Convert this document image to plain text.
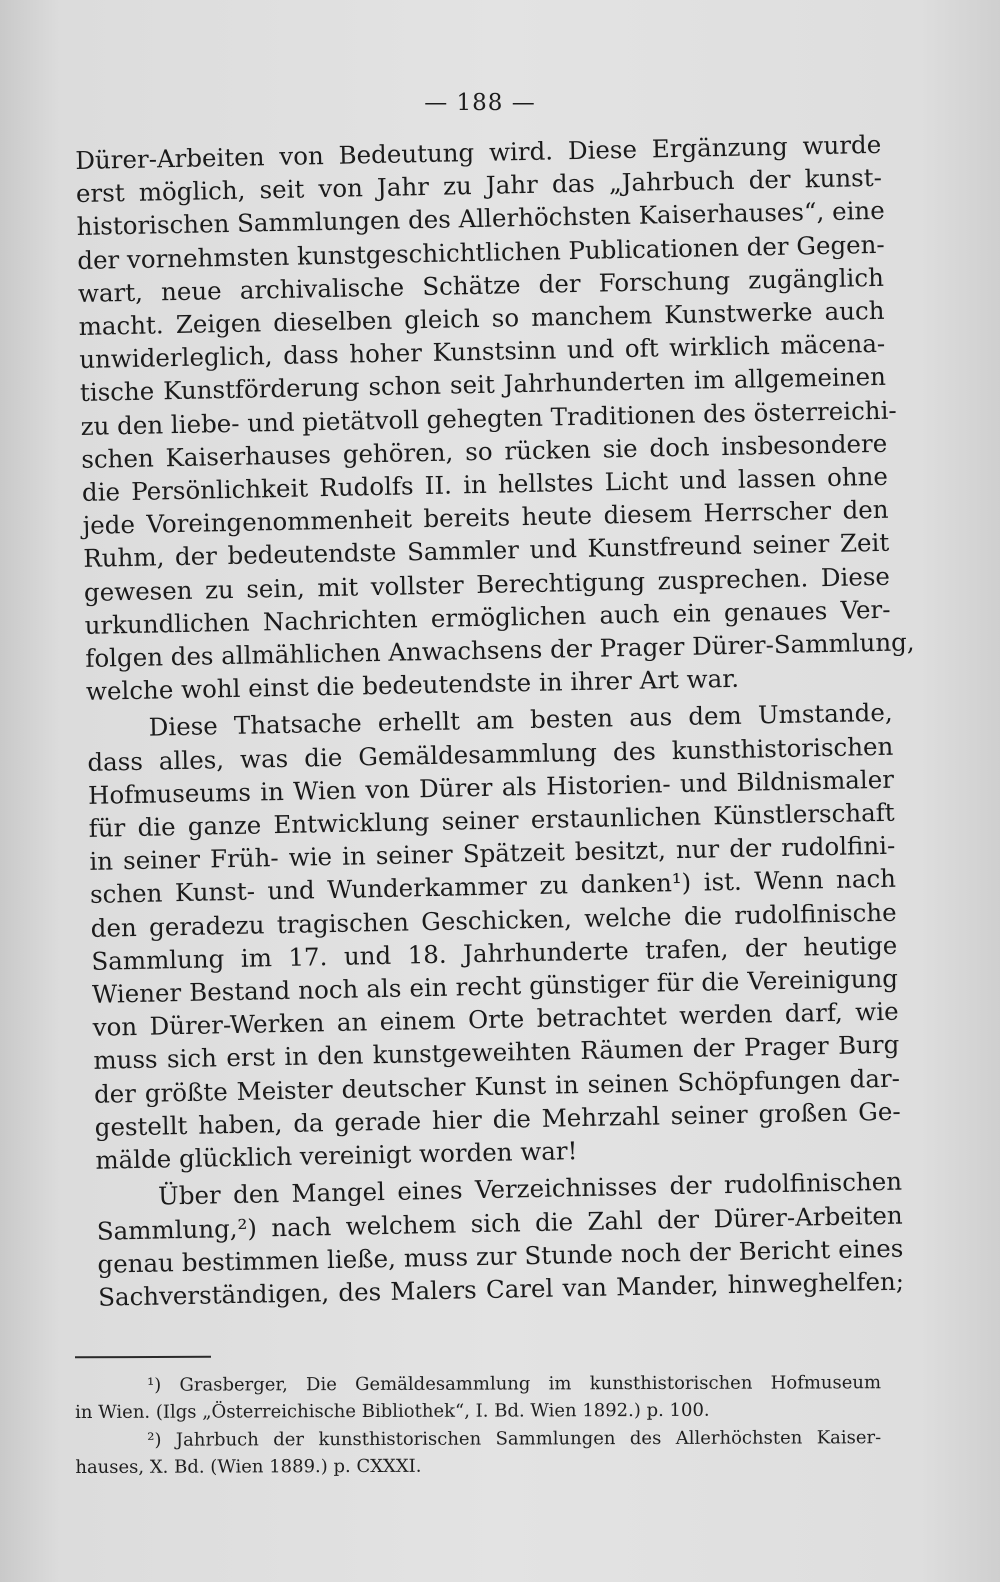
— 188 —
Dürer-Arbeiten von Bedeutung wird. Diese Ergänzung wurde
erst möglich, seit von Jahr zu Jahr das „Jahrbuch der kunst-
historischen Sammlungen des Allerhöchsten Kaiserhauses“, eine
der vornehmsten kunstgeschichtlichen Publicationen der Gegen-
wart, neue archivalische Schätze der Forschung zugänglich
macht. Zeigen dieselben gleich so manchem Kunstwerke auch
unwiderleglich, dass hoher Kunstsinn und oft wirklich mäcena-
tische Kunstförderung schon seit Jahrhunderten im allgemeinen
zu den liebe- und pietätvoll gehegten Traditionen des österreichi-
schen Kaiserhauses gehören, so rücken sie doch insbesondere
die Persönlichkeit Rudolfs II. in hellstes Licht und lassen ohne
jede Voreingenommenheit bereits heute diesem Herrscher den
Ruhm, der bedeutendste Sammler und Kunstfreund seiner Zeit
gewesen zu sein, mit vollster Berechtigung zusprechen. Diese
urkundlichen Nachrichten ermöglichen auch ein genaues Ver-
folgen des allmählichen Anwachsens der Prager Dürer-Sammlung,
welche wohl einst die bedeutendste in ihrer Art war.
Diese Thatsache erhellt am besten aus dem Umstande,
dass alles, was die Gemäldesammlung des kunsthistorischen
Hofmuseums in Wien von Dürer als Historien- und Bildnismaler
für die ganze Entwicklung seiner erstaunlichen Künstlerschaft
in seiner Früh- wie in seiner Spätzeit besitzt, nur der rudolfini-
schen Kunst- und Wunderkammer zu danken¹) ist. Wenn nach
den geradezu tragischen Geschicken, welche die rudolfinische
Sammlung im 17. und 18. Jahrhunderte trafen, der heutige
Wiener Bestand noch als ein recht günstiger für die Vereinigung
von Dürer-Werken an einem Orte betrachtet werden darf, wie
muss sich erst in den kunstgeweihten Räumen der Prager Burg
der größte Meister deutscher Kunst in seinen Schöpfungen dar-
gestellt haben, da gerade hier die Mehrzahl seiner großen Ge-
mälde glücklich vereinigt worden war!
Über den Mangel eines Verzeichnisses der rudolfinischen
Sammlung,²) nach welchem sich die Zahl der Dürer-Arbeiten
genau bestimmen ließe, muss zur Stunde noch der Bericht eines
Sachverständigen, des Malers Carel van Mander, hinweghelfen;
¹) Grasberger, Die Gemäldesammlung im kunsthistorischen Hofmuseum
in Wien. (Ilgs „Österreichische Bibliothek“, I. Bd. Wien 1892.) p. 100.
²) Jahrbuch der kunsthistorischen Sammlungen des Allerhöchsten Kaiser-
hauses, X. Bd. (Wien 1889.) p. CXXXI.
